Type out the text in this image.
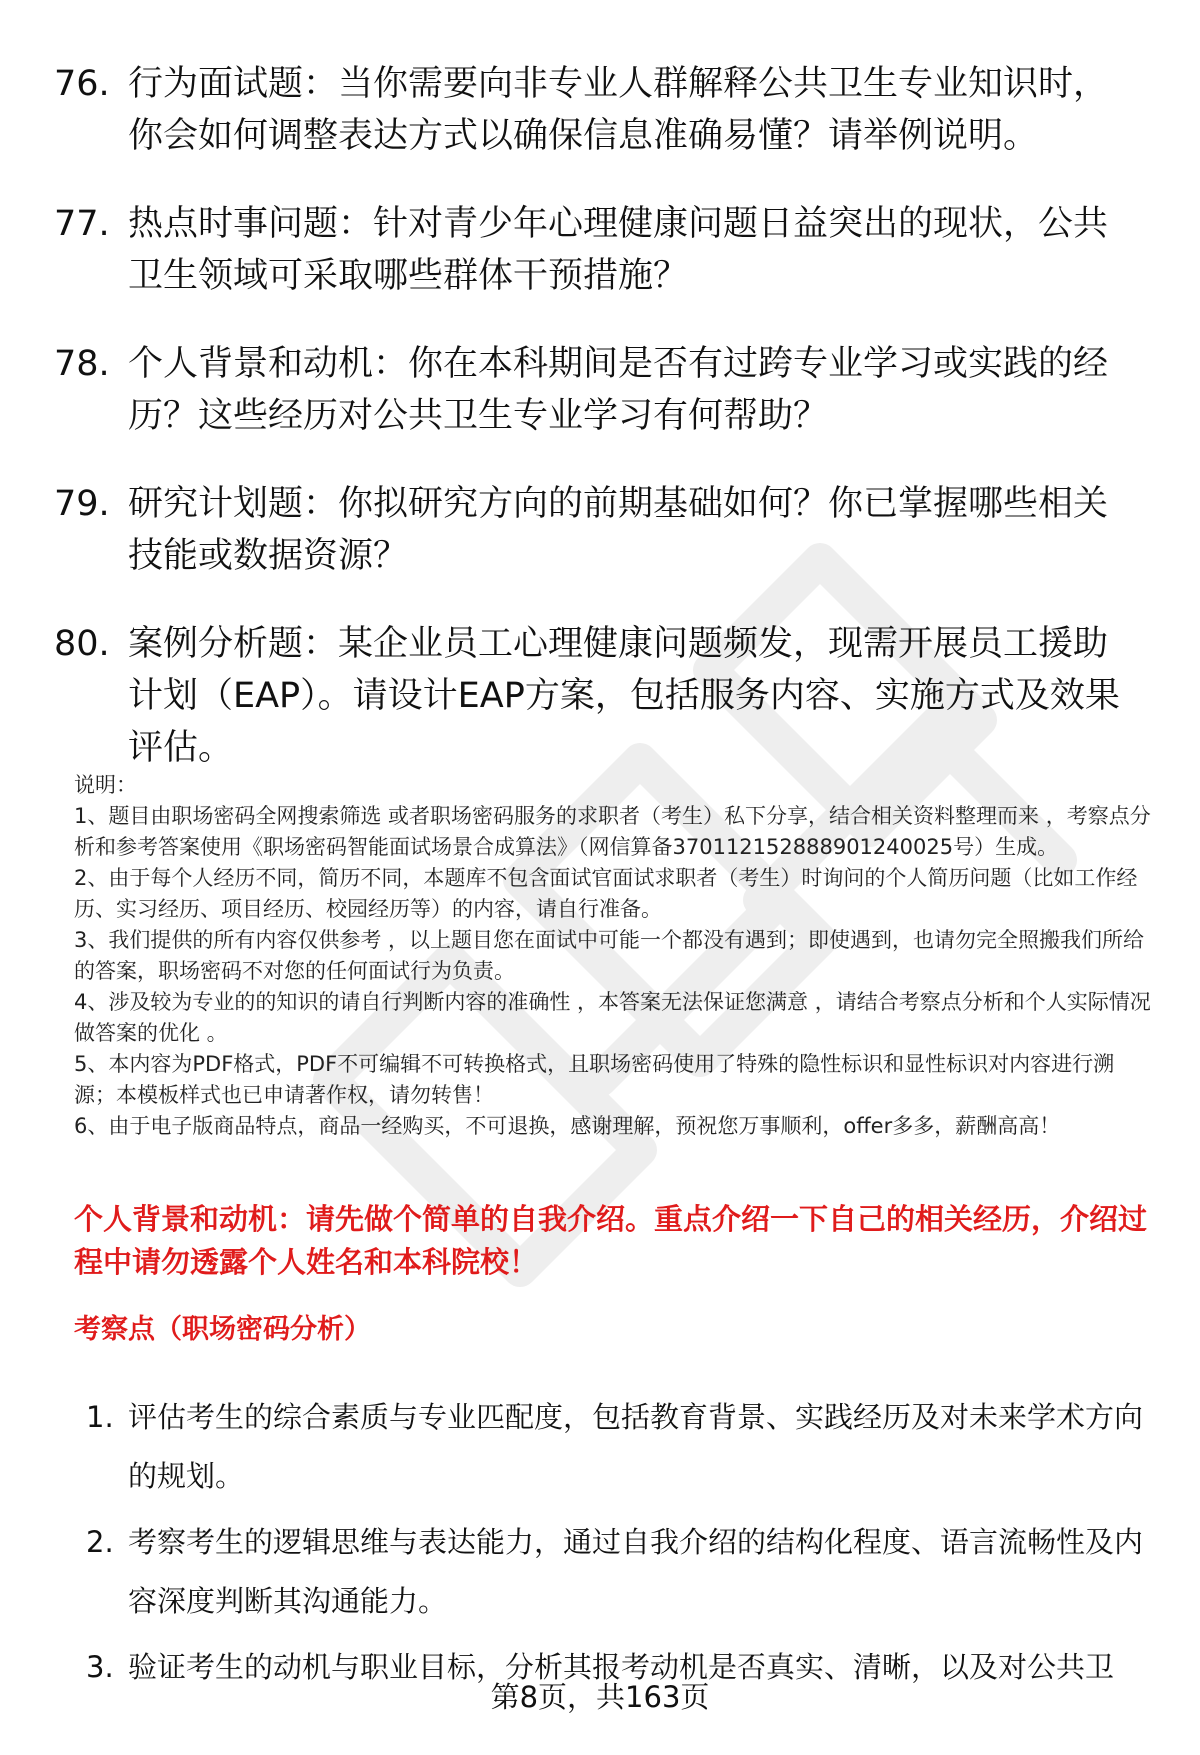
76. 行为面试题：当你需要向非专业人群解释公共卫生专业知识时，你会如何调整表达方式以确保信息准确易懂？请举例说明。
77. 热点时事问题：针对青少年心理健康问题日益突出的现状，公共卫生领域可采取哪些群体干预措施？
78. 个人背景和动机：你在本科期间是否有过跨专业学习或实践的经历？这些经历对公共卫生专业学习有何帮助？
79. 研究计划题：你拟研究方向的前期基础如何？你已掌握哪些相关技能或数据资源？
80. 案例分析题：某企业员工心理健康问题频发，现需开展员工援助计划（EAP）。请设计EAP方案，包括服务内容、实施方式及效果评估。

说明：

1、题目由职场密码全网搜索筛选 或者职场密码服务的求职者（考生）私下分享，结合相关资料整理而来 ，考察点分析和参考答案使用《职场密码智能面试场景合成算法》（网信算备370112152888901240025号）生成。

2、由于每个人经历不同，简历不同，本题库不包含面试官面试求职者（考生）时询问的个人简历问题（比如工作经历、实习经历、项目经历、校园经历等）的内容，请自行准备。

3、我们提供的所有内容仅供参考 ，以上题目您在面试中可能一个都没有遇到；即使遇到，也请勿完全照搬我们所给的答案，职场密码不对您的任何面试行为负责。

4、涉及较为专业的的知识的请自行判断内容的准确性 ，本答案无法保证您满意 ，请结合考察点分析和个人实际情况做答案的优化 。

5、本内容为PDF格式，PDF不可编辑不可转换格式，且职场密码使用了特殊的隐性标识和显性标识对内容进行溯源；本模板样式也已申请著作权，请勿转售！

6、由于电子版商品特点，商品一经购买，不可退换，感谢理解，预祝您万事顺利，offer多多，薪酬高高！

个人背景和动机：请先做个简单的自我介绍。重点介绍一下自己的相关经历，介绍过程中请勿透露个人姓名和本科院校！
考察点（职场密码分析）
1. 评估考生的综合素质与专业匹配度，包括教育背景、实践经历及对未来学术方向的规划。
2. 考察考生的逻辑思维与表达能力，通过自我介绍的结构化程度、语言流畅性及内容深度判断其沟通能力。
3. 验证考生的动机与职业目标，分析其报考动机是否真实、清晰，以及对公共卫
第8页，共163页
